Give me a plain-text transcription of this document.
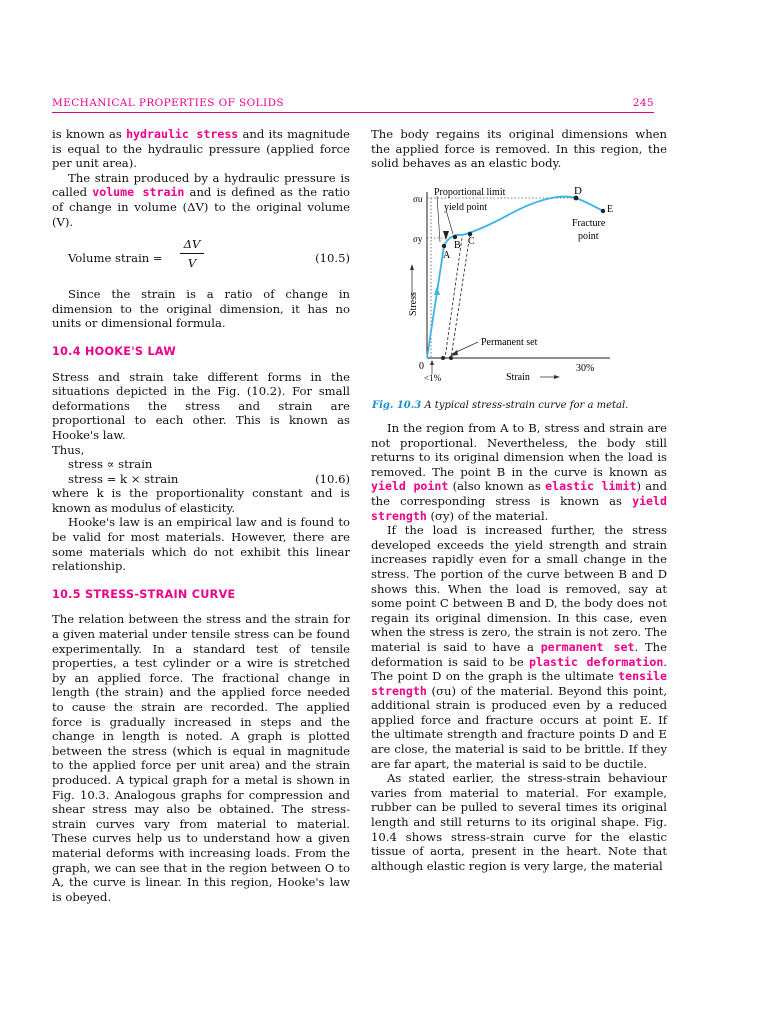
MECHANICAL PROPERTIES OF SOLIDS	245

is known as hydraulic stress and its magnitude is equal to the hydraulic pressure (applied force per unit area).

The strain produced by a hydraulic pressure is called volume strain and is defined as the ratio of change in volume (ΔV) to the original volume (V).

Volume strain = $\frac{\Delta V}{V}$	(10.5)

Since the strain is a ratio of change in dimension to the original dimension, it has no units or dimensional formula.

10.4 HOOKE'S LAW

Stress and strain take different forms in the situations depicted in the Fig. (10.2). For small deformations the stress and strain are proportional to each other. This is known as Hooke's law.

Thus,

stress ∝ strain

stress = k × strain	(10.6)

where k is the proportionality constant and is known as modulus of elasticity.

Hooke's law is an empirical law and is found to be valid for most materials. However, there are some materials which do not exhibit this linear relationship.

10.5 STRESS-STRAIN CURVE

The relation between the stress and the strain for a given material under tensile stress can be found experimentally. In a standard test of tensile properties, a test cylinder or a wire is stretched by an applied force. The fractional change in length (the strain) and the applied force needed to cause the strain are recorded. The applied force is gradually increased in steps and the change in length is noted. A graph is plotted between the stress (which is equal in magnitude to the applied force per unit area) and the strain produced. A typical graph for a metal is shown in Fig. 10.3. Analogous graphs for compression and shear stress may also be obtained. The stress-strain curves vary from material to material. These curves help us to understand how a given material deforms with increasing loads. From the graph, we can see that in the region between O to A, the curve is linear. In this region, Hooke's law is obeyed.

The body regains its original dimensions when the applied force is removed. In this region, the solid behaves as an elastic body.

Proportional limit
yield point
σu
σy
A
B C
D
E
Fracture
point
Stress
Permanent set
0
<1%	Strain
30%
Fig. 10.3 A typical stress-strain curve for a metal.

In the region from A to B, stress and strain are not proportional. Nevertheless, the body still returns to its original dimension when the load is removed. The point B in the curve is known as yield point (also known as elastic limit) and the corresponding stress is known as yield strength (σy) of the material.

If the load is increased further, the stress developed exceeds the yield strength and strain increases rapidly even for a small change in the stress. The portion of the curve between B and D shows this. When the load is removed, say at some point C between B and D, the body does not regain its original dimension. In this case, even when the stress is zero, the strain is not zero. The material is said to have a permanent set. The deformation is said to be plastic deformation. The point D on the graph is the ultimate tensile strength (σu) of the material. Beyond this point, additional strain is produced even by a reduced applied force and fracture occurs at point E. If the ultimate strength and fracture points D and E are close, the material is said to be brittle. If they are far apart, the material is said to be ductile.

As stated earlier, the stress-strain behaviour varies from material to material. For example, rubber can be pulled to several times its original length and still returns to its original shape. Fig. 10.4 shows stress-strain curve for the elastic tissue of aorta, present in the heart. Note that although elastic region is very large, the material
